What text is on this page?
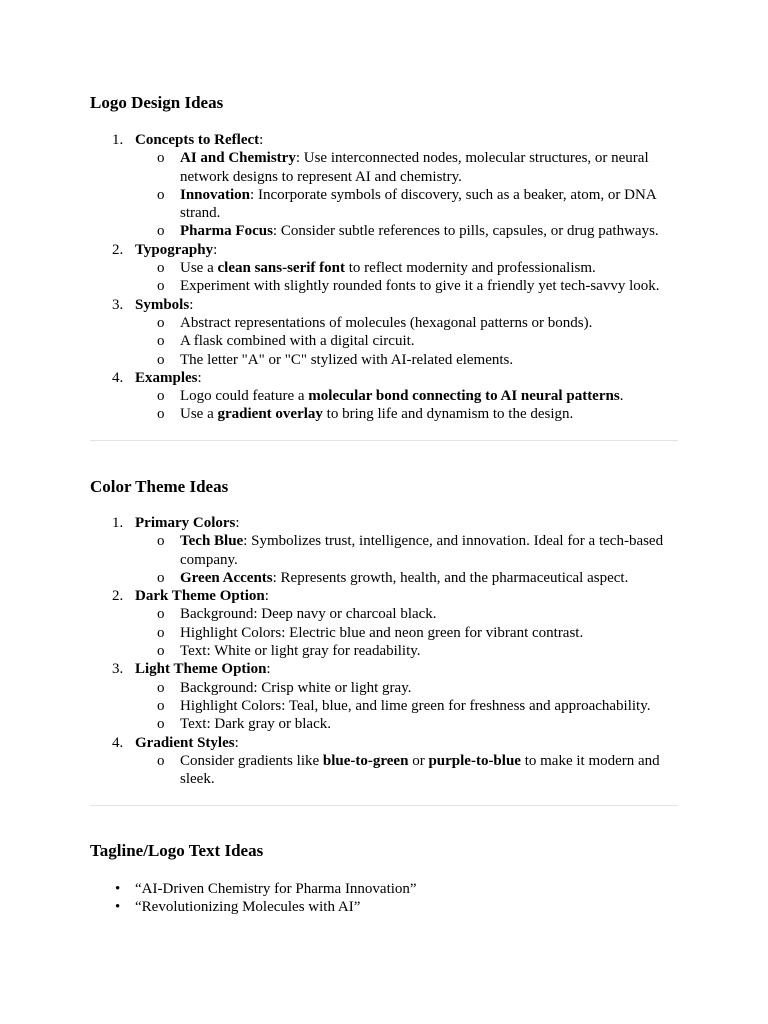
Logo Design Ideas
1. Concepts to Reflect:
o AI and Chemistry: Use interconnected nodes, molecular structures, or neural network designs to represent AI and chemistry.
o Innovation: Incorporate symbols of discovery, such as a beaker, atom, or DNA strand.
o Pharma Focus: Consider subtle references to pills, capsules, or drug pathways.
2. Typography:
o Use a clean sans-serif font to reflect modernity and professionalism.
o Experiment with slightly rounded fonts to give it a friendly yet tech-savvy look.
3. Symbols:
o Abstract representations of molecules (hexagonal patterns or bonds).
o A flask combined with a digital circuit.
o The letter "A" or "C" stylized with AI-related elements.
4. Examples:
o Logo could feature a molecular bond connecting to AI neural patterns.
o Use a gradient overlay to bring life and dynamism to the design.
Color Theme Ideas
1. Primary Colors:
o Tech Blue: Symbolizes trust, intelligence, and innovation. Ideal for a tech-based company.
o Green Accents: Represents growth, health, and the pharmaceutical aspect.
2. Dark Theme Option:
o Background: Deep navy or charcoal black.
o Highlight Colors: Electric blue and neon green for vibrant contrast.
o Text: White or light gray for readability.
3. Light Theme Option:
o Background: Crisp white or light gray.
o Highlight Colors: Teal, blue, and lime green for freshness and approachability.
o Text: Dark gray or black.
4. Gradient Styles:
o Consider gradients like blue-to-green or purple-to-blue to make it modern and sleek.
Tagline/Logo Text Ideas
• “AI-Driven Chemistry for Pharma Innovation”
• “Revolutionizing Molecules with AI”
